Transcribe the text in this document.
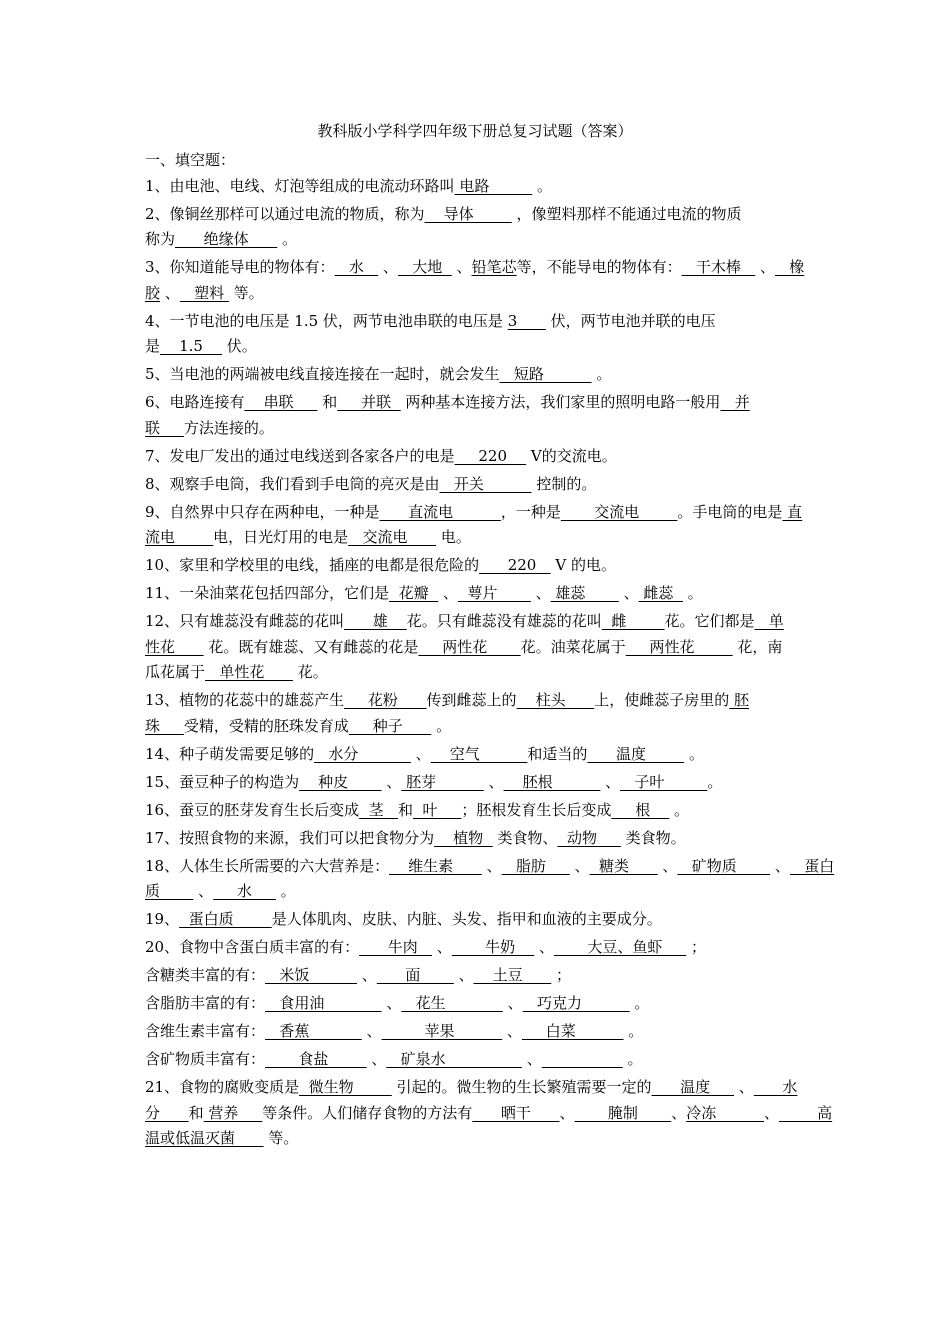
教科版小学科学四年级下册总复习试题（答案）
一、填空题：
1、由电池、电线、灯泡等组成的电流动环路叫 电路          。
2、像铜丝那样可以通过电流的物质，称为    导体         ，像塑料那样不能通过电流的物质
称为      绝缘体       。
3、你知道能导电的物体有：   水    、   大地   、铅笔芯等，不能导电的物体有：   干木棒    、   橡
胶 、   塑料  等。
4、一节电池的电压是 1.5 伏，两节电池串联的电压是 3       伏，两节电池并联的电压
是    1.5     伏。
5、当电池的两端被电线直接连接在一起时，就会发生   短路           。
6、电路连接有    串联      和     并联   两种基本连接方法，我们家里的照明电路一般用   并
联     方法连接的。
7、发电厂发出的通过电线送到各家各户的电是     220     V的交流电。
8、观察手电筒，我们看到手电筒的亮灭是由   开关           控制的。
9、自然界中只存在两种电，一种是      直流电          ，一种是       交流电        。手电筒的电是 直
流电        电，日光灯用的电是   交流电       电。
10、家里和学校里的电线，插座的电都是很危险的      220    V 的电。
11、一朵油菜花包括四部分，它们是  花瓣   、  萼片        、 雄蕊        、 雌蕊   。
12、只有雄蕊没有雌蕊的花叫      雄    花。只有雌蕊没有雄蕊的花叫  雌        花。它们都是   单
性花       花。既有雄蕊、又有雌蕊的花是     两性花       花。油菜花属于     两性花         花，南
瓜花属于   单性花       花。
13、植物的花蕊中的雄蕊产生     花粉      传到雌蕊上的    柱头      上，使雌蕊子房里的 胚
珠     受精，受精的胚珠发育成     种子       。
14、种子萌发需要足够的   水分            、    空气          和适当的      温度         。
15、蚕豆种子的构造为    种皮        、 胚芽           、    胚根           、   子叶         。
16、蚕豆的胚芽发育生长后变成  茎   和  叶     ；胚根发育生长后变成     根     。
17、按照食物的来源，我们可以把食物分为    植物   类食物、  动物      类食物。
18、人体生长所需要的六大营养是：    维生素       、   脂肪      、  糖类       、   矿物质        、   蛋白
质        、     水      。
19、  蛋白质        是人体肌肉、皮肤、内脏、头发、指甲和血液的主要成分。
20、食物中含蛋白质丰富的有：      牛肉    、       牛奶     、       大豆、鱼虾      ；
含糖类丰富的有：   米饭           、      面        、    土豆       ；
含脂肪丰富的有：   食用油             、   花生             、   巧克力           。
含维生素丰富有：   香蕉            、         苹果           、     白菜           。
含矿物质丰富有：       食盐         、   矿泉水                 、	。
21、食物的腐败变质是  微生物         引起的。微生物的生长繁殖需要一定的      温度      、      水
分      和 营养     等条件。人们储存食物的方法有      晒干      、       腌制       、冷冻          、        高
温或低温灭菌       等。
